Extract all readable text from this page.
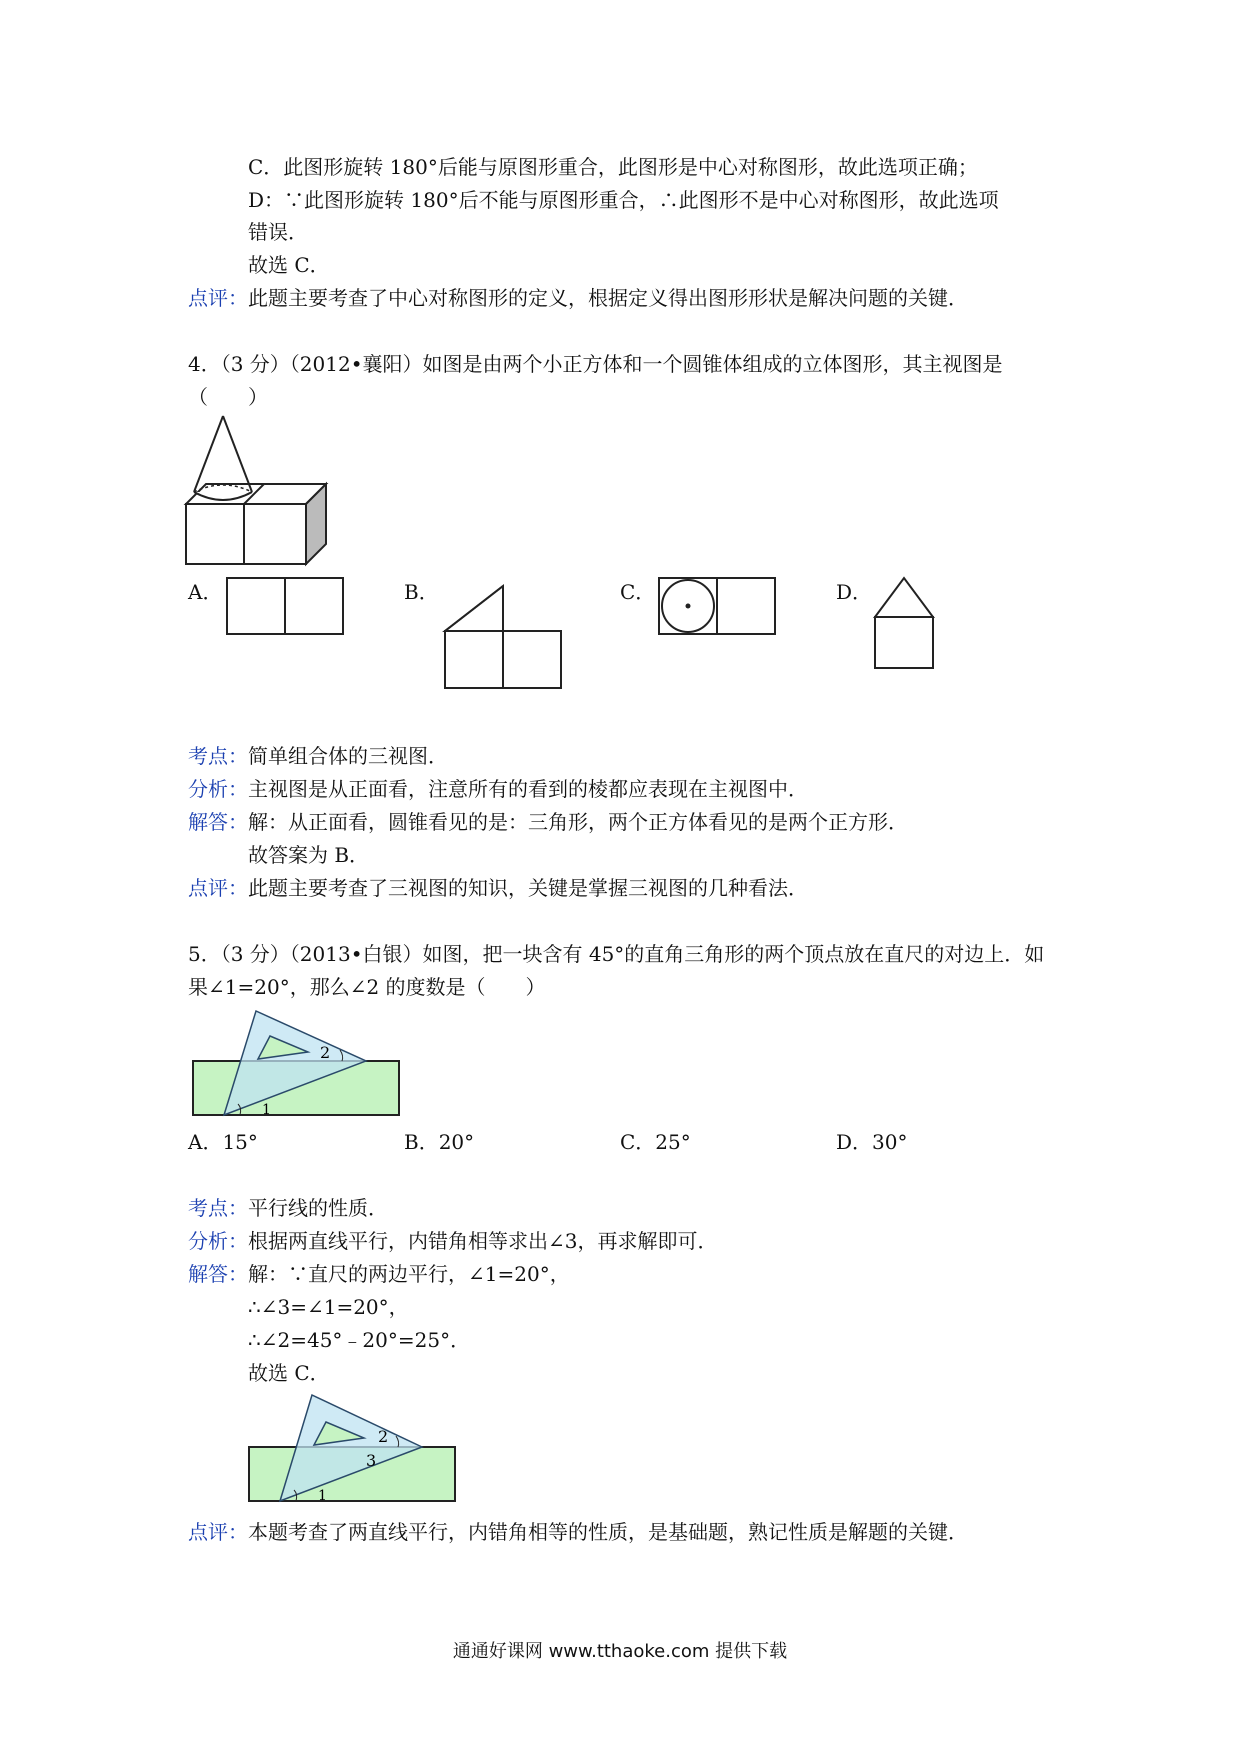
C．此图形旋转 180°后能与原图形重合，此图形是中心对称图形，故此选项正确；
D：∵此图形旋转 180°后不能与原图形重合，∴此图形不是中心对称图形，故此选项
错误．
故选 C．
点评：此题主要考查了中心对称图形的定义，根据定义得出图形形状是解决问题的关键．
4．（3 分）（2012•襄阳）如图是由两个小正方体和一个圆锥体组成的立体图形，其主视图是
（　　）
A．	B．	C．	D．
考点：简单组合体的三视图．
分析：主视图是从正面看，注意所有的看到的棱都应表现在主视图中．
解答：解：从正面看，圆锥看见的是：三角形，两个正方体看见的是两个正方形．
故答案为 B．
点评：此题主要考查了三视图的知识，关键是掌握三视图的几种看法．
5．（3 分）（2013•白银）如图，把一块含有 45°的直角三角形的两个顶点放在直尺的对边上．如
果∠1=20°，那么∠2 的度数是（　　）
2
1
A．15°	B．20°	C．25°	D．30°
考点：平行线的性质．
分析：根据两直线平行，内错角相等求出∠3，再求解即可．
解答：解：∵直尺的两边平行，∠1=20°，
∴∠3=∠1=20°，
∴∠2=45°﹣20°=25°．
故选 C．
2
3
1
点评：本题考查了两直线平行，内错角相等的性质，是基础题，熟记性质是解题的关键．
通通好课网 www.tthaoke.com 提供下载
